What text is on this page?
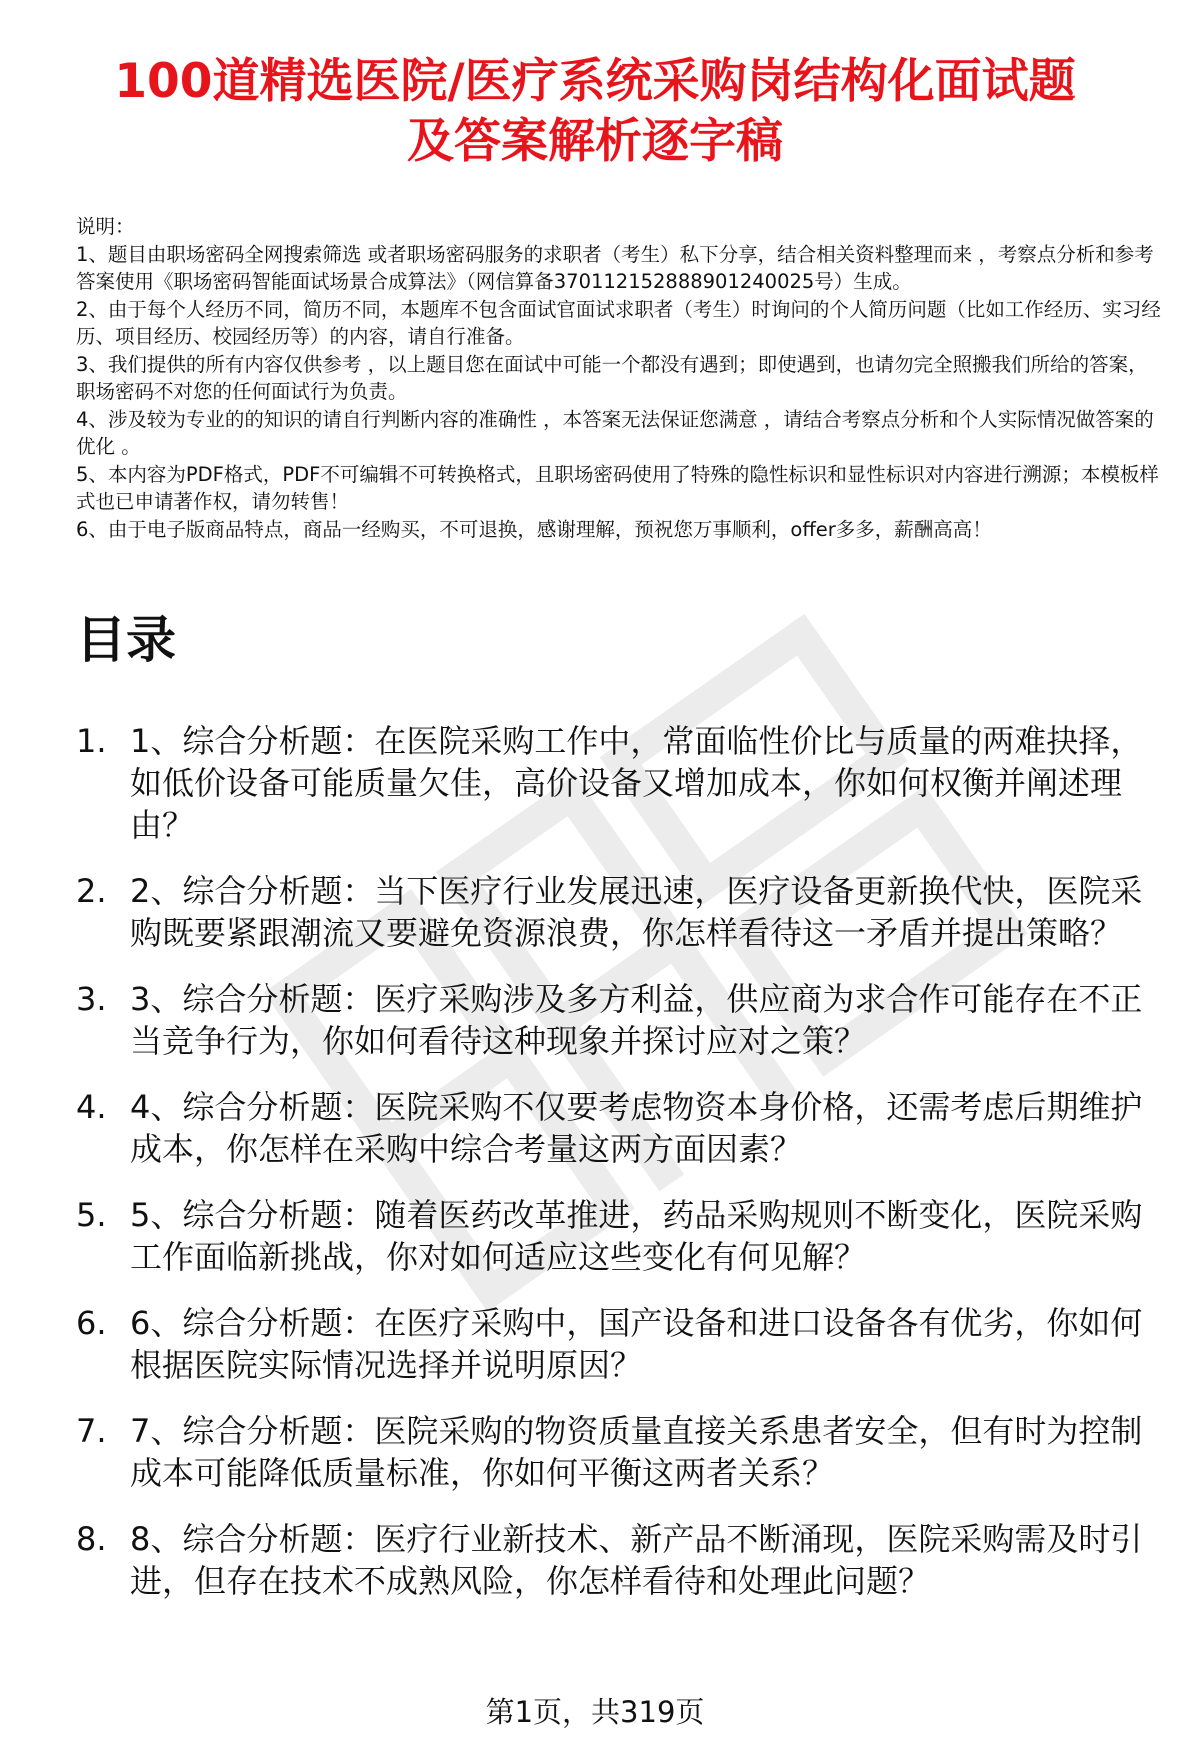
100道精选医院/医疗系统采购岗结构化面试题
及答案解析逐字稿

说明：

1、题目由职场密码全网搜索筛选 或者职场密码服务的求职者（考生）私下分享，结合相关资料整理而来 ，考察点分析和参考答案使用《职场密码智能面试场景合成算法》（网信算备370112152888901240025号）生成。

2、由于每个人经历不同，简历不同，本题库不包含面试官面试求职者（考生）时询问的个人简历问题（比如工作经历、实习经历、项目经历、校园经历等）的内容，请自行准备。

3、我们提供的所有内容仅供参考 ，以上题目您在面试中可能一个都没有遇到；即使遇到，也请勿完全照搬我们所给的答案，职场密码不对您的任何面试行为负责。

4、涉及较为专业的的知识的请自行判断内容的准确性 ，本答案无法保证您满意 ，请结合考察点分析和个人实际情况做答案的优化 。

5、本内容为PDF格式，PDF不可编辑不可转换格式，且职场密码使用了特殊的隐性标识和显性标识对内容进行溯源；本模板样式也已申请著作权，请勿转售！

6、由于电子版商品特点，商品一经购买，不可退换，感谢理解，预祝您万事顺利，offer多多，薪酬高高！

目录
1. 1、综合分析题：在医院采购工作中，常面临性价比与质量的两难抉择，如低价设备可能质量欠佳，高价设备又增加成本，你如何权衡并阐述理由？
2. 2、综合分析题：当下医疗行业发展迅速，医疗设备更新换代快，医院采购既要紧跟潮流又要避免资源浪费，你怎样看待这一矛盾并提出策略？
3. 3、综合分析题：医疗采购涉及多方利益，供应商为求合作可能存在不正当竞争行为，你如何看待这种现象并探讨应对之策？
4. 4、综合分析题：医院采购不仅要考虑物资本身价格，还需考虑后期维护成本，你怎样在采购中综合考量这两方面因素？
5. 5、综合分析题：随着医药改革推进，药品采购规则不断变化，医院采购工作面临新挑战，你对如何适应这些变化有何见解？
6. 6、综合分析题：在医疗采购中，国产设备和进口设备各有优劣，你如何根据医院实际情况选择并说明原因？
7. 7、综合分析题：医院采购的物资质量直接关系患者安全，但有时为控制成本可能降低质量标准，你如何平衡这两者关系？
8. 8、综合分析题：医疗行业新技术、新产品不断涌现，医院采购需及时引进，但存在技术不成熟风险，你怎样看待和处理此问题？
第1页，共319页
